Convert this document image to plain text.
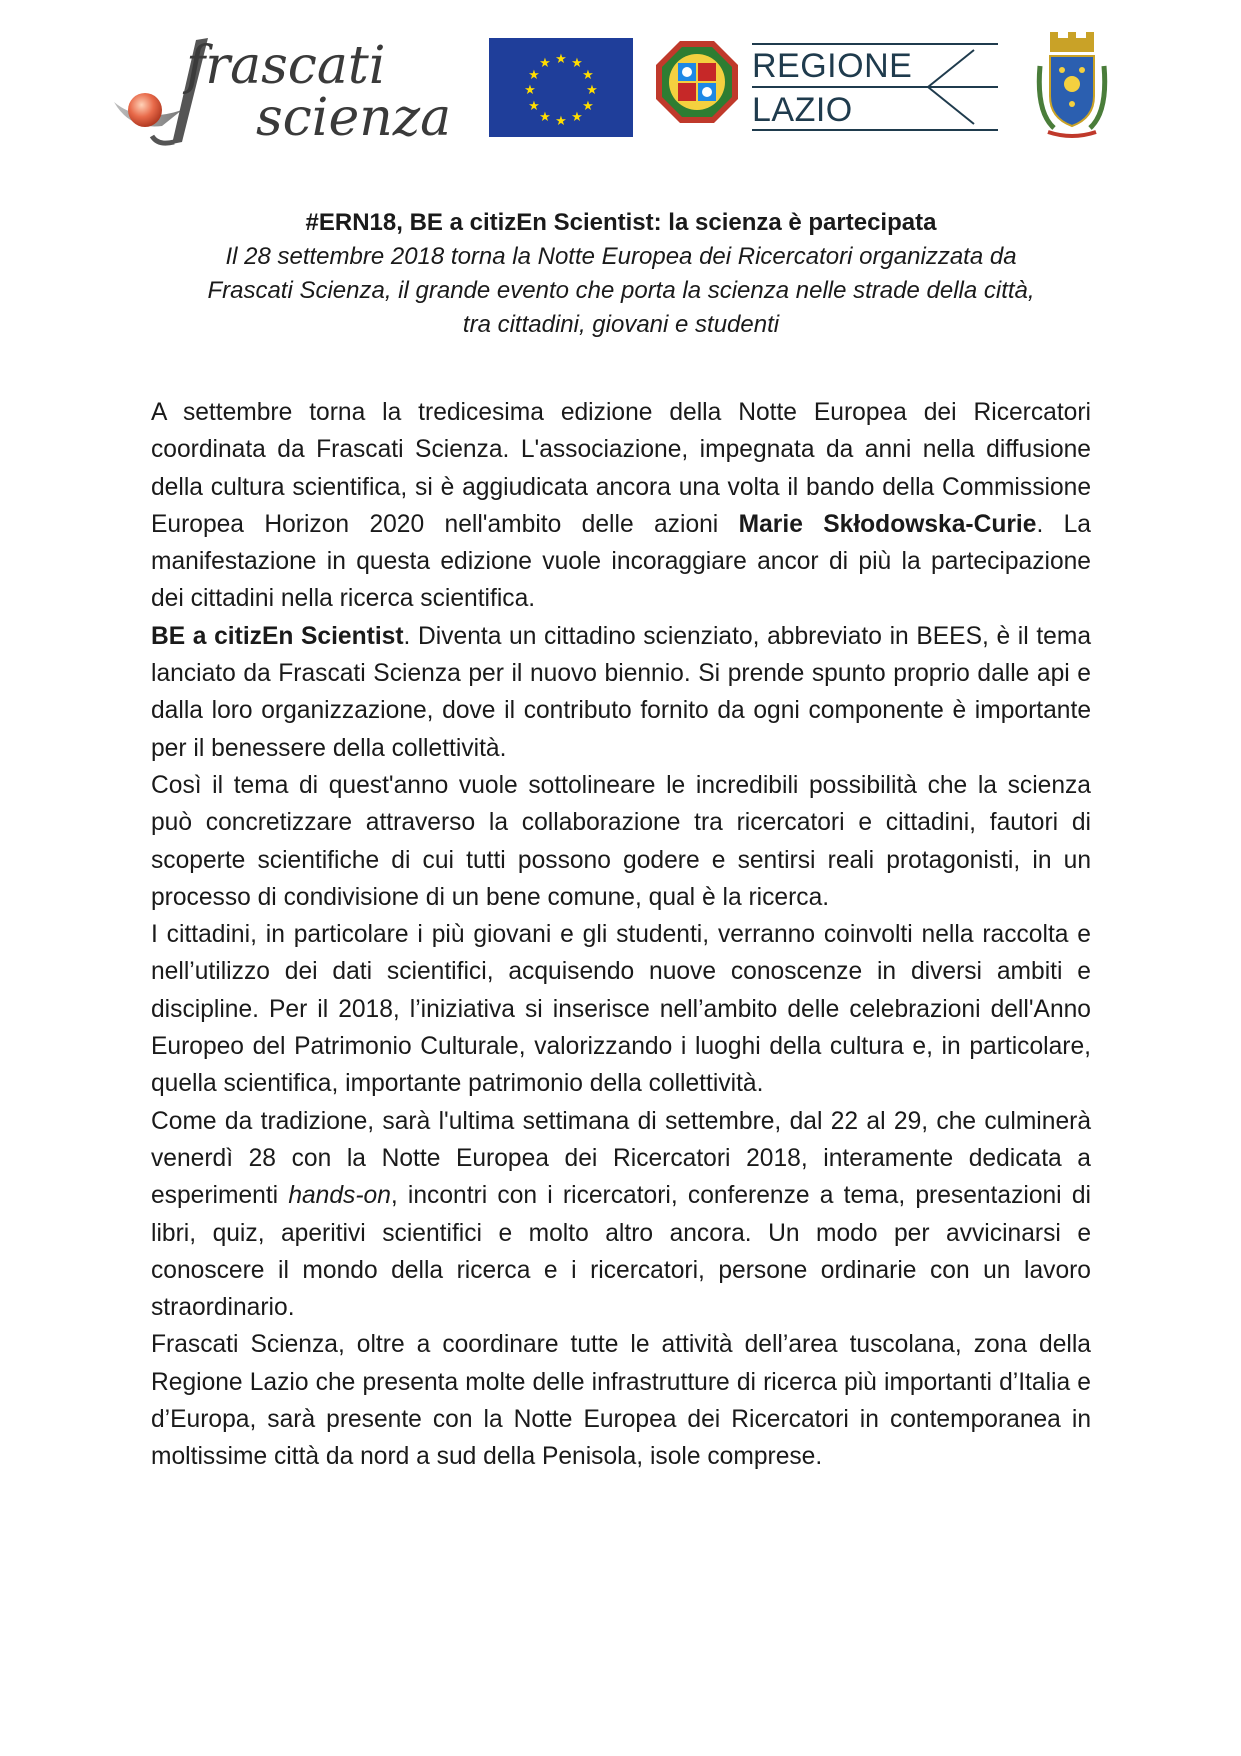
frascati
scienza
★ ★
★
★
★
★
★
★
★
★
★
★	REGIONE
LAZIO

#ERN18, BE a citizEn Scientist: la scienza è partecipata

Il 28 settembre 2018 torna la Notte Europea dei Ricercatori organizzata da

Frascati Scienza, il grande evento che porta la scienza nelle strade della città,

tra cittadini, giovani e studenti

A settembre torna la tredicesima edizione della Notte Europea dei Ricercatori coordinata da Frascati Scienza. L'associazione, impegnata da anni nella diffusione della cultura scientifica, si è aggiudicata ancora una volta il bando della Commissione Europea Horizon 2020 nell'ambito delle azioni Marie Skłodowska-Curie. La manifestazione in questa edizione vuole incoraggiare ancor di più la partecipazione dei cittadini nella ricerca scientifica.

BE a citizEn Scientist. Diventa un cittadino scienziato, abbreviato in BEES, è il tema lanciato da Frascati Scienza per il nuovo biennio. Si prende spunto proprio dalle api e dalla loro organizzazione, dove il contributo fornito da ogni componente è importante per il benessere della collettività.

Così il tema di quest'anno vuole sottolineare le incredibili possibilità che la scienza può concretizzare attraverso la collaborazione tra ricercatori e cittadini, fautori di scoperte scientifiche di cui tutti possono godere e sentirsi reali protagonisti, in un processo di condivisione di un bene comune, qual è la ricerca.

I cittadini, in particolare i più giovani e gli studenti, verranno coinvolti nella raccolta e nell’utilizzo dei dati scientifici, acquisendo nuove conoscenze in diversi ambiti e discipline. Per il 2018, l’iniziativa si inserisce nell’ambito delle celebrazioni dell'Anno Europeo del Patrimonio Culturale, valorizzando i luoghi della cultura e, in particolare, quella scientifica, importante patrimonio della collettività.

Come da tradizione, sarà l'ultima settimana di settembre, dal 22 al 29, che culminerà venerdì 28 con la Notte Europea dei Ricercatori 2018, interamente dedicata a esperimenti hands-on, incontri con i ricercatori, conferenze a tema, presentazioni di libri, quiz, aperitivi scientifici e molto altro ancora. Un modo per avvicinarsi e conoscere il mondo della ricerca e i ricercatori, persone ordinarie con un lavoro straordinario.

Frascati Scienza, oltre a coordinare tutte le attività dell’area tuscolana, zona della Regione Lazio che presenta molte delle infrastrutture di ricerca più importanti d’Italia e d’Europa, sarà presente con la Notte Europea dei Ricercatori in contemporanea in moltissime città da nord a sud della Penisola, isole comprese.
